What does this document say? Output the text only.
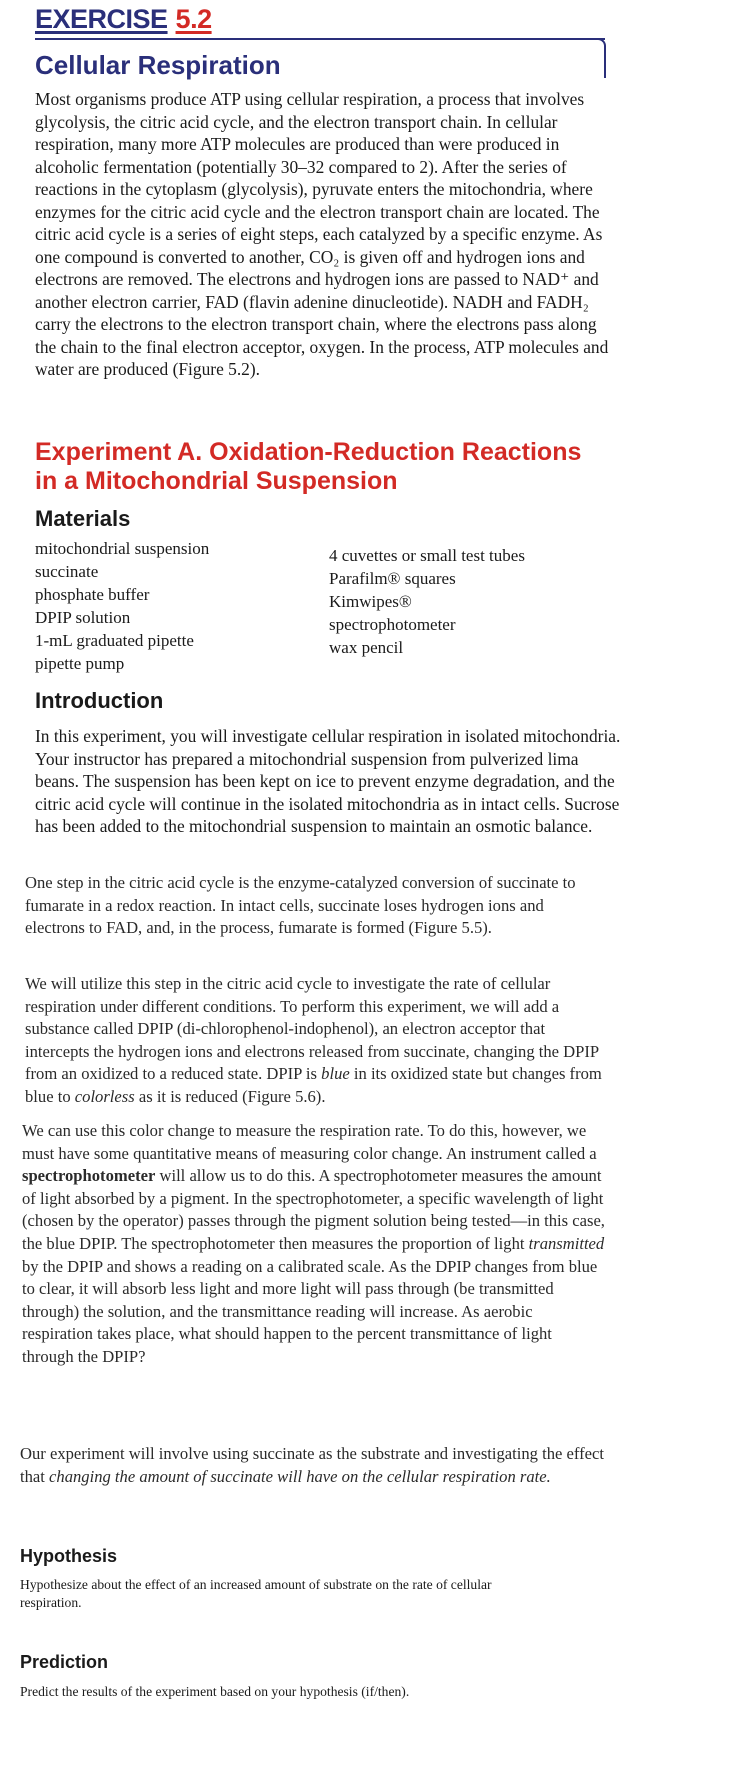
EXERCISE 5.2
Cellular Respiration

Most organisms produce ATP using cellular respiration, a process that involves glycolysis, the citric acid cycle, and the electron transport chain. In cellular respiration, many more ATP molecules are produced than were produced in alcoholic fermentation (potentially 30–32 compared to 2). After the series of reactions in the cytoplasm (glycolysis), pyruvate enters the mitochondria, where enzymes for the citric acid cycle and the electron transport chain are located. The citric acid cycle is a series of eight steps, each catalyzed by a specific enzyme. As one compound is converted to another, CO₂ is given off and hydrogen ions and electrons are removed. The electrons and hydrogen ions are passed to NAD⁺ and another electron carrier, FAD (flavin adenine dinucleotide). NADH and FADH₂ carry the electrons to the electron transport chain, where the electrons pass along the chain to the final electron acceptor, oxygen. In the process, ATP molecules and water are produced (Figure 5.2).

Experiment A. Oxidation-Reduction Reactions in a Mitochondrial Suspension
Materials
mitochondrial suspension
succinate
phosphate buffer
DPIP solution
1-mL graduated pipette
pipette pump
4 cuvettes or small test tubes
Parafilm® squares
Kimwipes®
spectrophotometer
wax pencil
Introduction

In this experiment, you will investigate cellular respiration in isolated mitochondria. Your instructor has prepared a mitochondrial suspension from pulverized lima beans. The suspension has been kept on ice to prevent enzyme degradation, and the citric acid cycle will continue in the isolated mitochondria as in intact cells. Sucrose has been added to the mitochondrial suspension to maintain an osmotic balance.

One step in the citric acid cycle is the enzyme-catalyzed conversion of succinate to fumarate in a redox reaction. In intact cells, succinate loses hydrogen ions and electrons to FAD, and, in the process, fumarate is formed (Figure 5.5).

We will utilize this step in the citric acid cycle to investigate the rate of cellular respiration under different conditions. To perform this experiment, we will add a substance called DPIP (di-chlorophenol-indophenol), an electron acceptor that intercepts the hydrogen ions and electrons released from succinate, changing the DPIP from an oxidized to a reduced state. DPIP is blue in its oxidized state but changes from blue to colorless as it is reduced (Figure 5.6).

We can use this color change to measure the respiration rate. To do this, however, we must have some quantitative means of measuring color change. An instrument called a spectrophotometer will allow us to do this. A spectrophotometer measures the amount of light absorbed by a pigment. In the spectrophotometer, a specific wavelength of light (chosen by the operator) passes through the pigment solution being tested—in this case, the blue DPIP. The spectrophotometer then measures the proportion of light transmitted by the DPIP and shows a reading on a calibrated scale. As the DPIP changes from blue to clear, it will absorb less light and more light will pass through (be transmitted through) the solution, and the transmittance reading will increase. As aerobic respiration takes place, what should happen to the percent transmittance of light through the DPIP?

Our experiment will involve using succinate as the substrate and investigating the effect that changing the amount of succinate will have on the cellular respiration rate.

Hypothesis

Hypothesize about the effect of an increased amount of substrate on the rate of cellular respiration.

Prediction

Predict the results of the experiment based on your hypothesis (if/then).
